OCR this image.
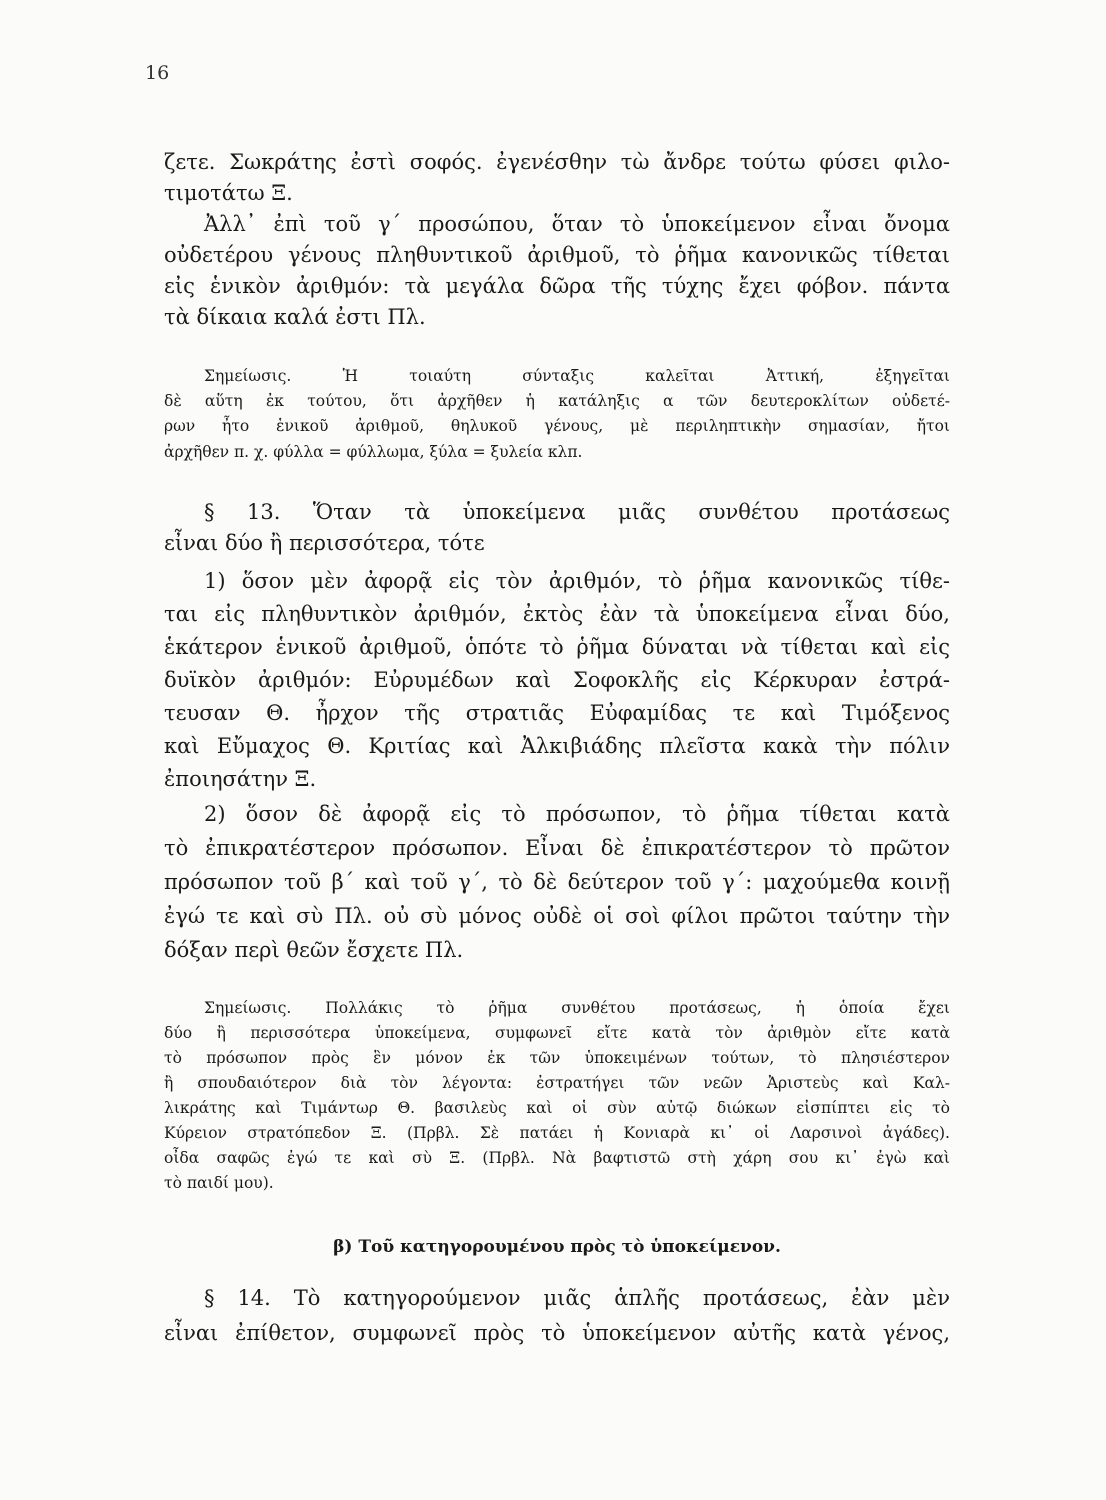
16
ζετε. Σωκράτης ἐστὶ σοφός. ἐγενέσθην τὼ ἄνδρε τούτω φύσει φιλο-
τιμοτάτω Ξ.
Ἀλλ᾽ ἐπὶ τοῦ γ΄ προσώπου, ὅταν τὸ ὑποκείμενον εἶναι ὄνομα
οὐδετέρου γένους πληθυντικοῦ ἀριθμοῦ, τὸ ῥῆμα κανονικῶς τίθεται
εἰς ἑνικὸν ἀριθμόν: τὰ μεγάλα δῶρα τῆς τύχης ἔχει φόβον. πάντα
τὰ δίκαια καλά ἐστι Πλ.
Σημείωσις. Ἡ τοιαύτη σύνταξις καλεῖται Ἀττική, ἐξηγεῖται
δὲ αὕτη ἐκ τούτου, ὅτι ἀρχῆθεν ἡ κατάληξις α τῶν δευτεροκλίτων οὐδετέ-
ρων ἦτο ἑνικοῦ ἀριθμοῦ, θηλυκοῦ γένους, μὲ περιληπτικὴν σημασίαν, ἤτοι
ἀρχῆθεν π. χ. φύλλα = φύλλωμα, ξύλα = ξυλεία κλπ.
§ 13. Ὅταν τὰ ὑποκείμενα μιᾶς συνθέτου προτάσεως
εἶναι δύο ἢ περισσότερα, τότε
1) ὅσον μὲν ἀφορᾷ εἰς τὸν ἀριθμόν, τὸ ῥῆμα κανονικῶς τίθε-
ται εἰς πληθυντικὸν ἀριθμόν, ἐκτὸς ἐὰν τὰ ὑποκείμενα εἶναι δύο,
ἑκάτερον ἑνικοῦ ἀριθμοῦ, ὁπότε τὸ ῥῆμα δύναται νὰ τίθεται καὶ εἰς
δυϊκὸν ἀριθμόν: Εὐρυμέδων καὶ Σοφοκλῆς εἰς Κέρκυραν ἐστρά-
τευσαν Θ. ἦρχον τῆς στρατιᾶς Εὐφαμίδας τε καὶ Τιμόξενος
καὶ Εὔμαχος Θ. Κριτίας καὶ Ἀλκιβιάδης πλεῖστα κακὰ τὴν πόλιν
ἐποιησάτην Ξ.
2) ὅσον δὲ ἀφορᾷ εἰς τὸ πρόσωπον, τὸ ῥῆμα τίθεται κατὰ
τὸ ἐπικρατέστερον πρόσωπον. Εἶναι δὲ ἐπικρατέστερον τὸ πρῶτον
πρόσωπον τοῦ β΄ καὶ τοῦ γ΄, τὸ δὲ δεύτερον τοῦ γ΄: μαχούμεθα κοινῇ
ἐγώ τε καὶ σὺ Πλ. οὐ σὺ μόνος οὐδὲ οἱ σοὶ φίλοι πρῶτοι ταύτην τὴν
δόξαν περὶ θεῶν ἔσχετε Πλ.
Σημείωσις. Πολλάκις τὸ ῥῆμα συνθέτου προτάσεως, ἡ ὁποία ἔχει
δύο ἢ περισσότερα ὑποκείμενα, συμφωνεῖ εἴτε κατὰ τὸν ἀριθμὸν εἴτε κατὰ
τὸ πρόσωπον πρὸς ἓν μόνον ἐκ τῶν ὑποκειμένων τούτων, τὸ πλησιέστερον
ἢ σπουδαιότερον διὰ τὸν λέγοντα: ἐστρατήγει τῶν νεῶν Ἀριστεὺς καὶ Καλ-
λικράτης καὶ Τιμάντωρ Θ. βασιλεὺς καὶ οἱ σὺν αὐτῷ διώκων εἰσπίπτει εἰς τὸ
Κύρειον στρατόπεδον Ξ. (Πρβλ. Σὲ πατάει ἡ Κονιαρὰ κι᾽ οἱ Λαρσινοὶ ἀγάδες).
οἶδα σαφῶς ἐγώ τε καὶ σὺ Ξ. (Πρβλ. Νὰ βαφτιστῶ στὴ χάρη σου κι᾽ ἐγὼ καὶ
τὸ παιδί μου).
β) Τοῦ κατηγορουμένου πρὸς τὸ ὑποκείμενον.
§ 14. Τὸ κατηγορούμενον μιᾶς ἁπλῆς προτάσεως, ἐὰν μὲν
εἶναι ἐπίθετον, συμφωνεῖ πρὸς τὸ ὑποκείμενον αὐτῆς κατὰ γένος,
